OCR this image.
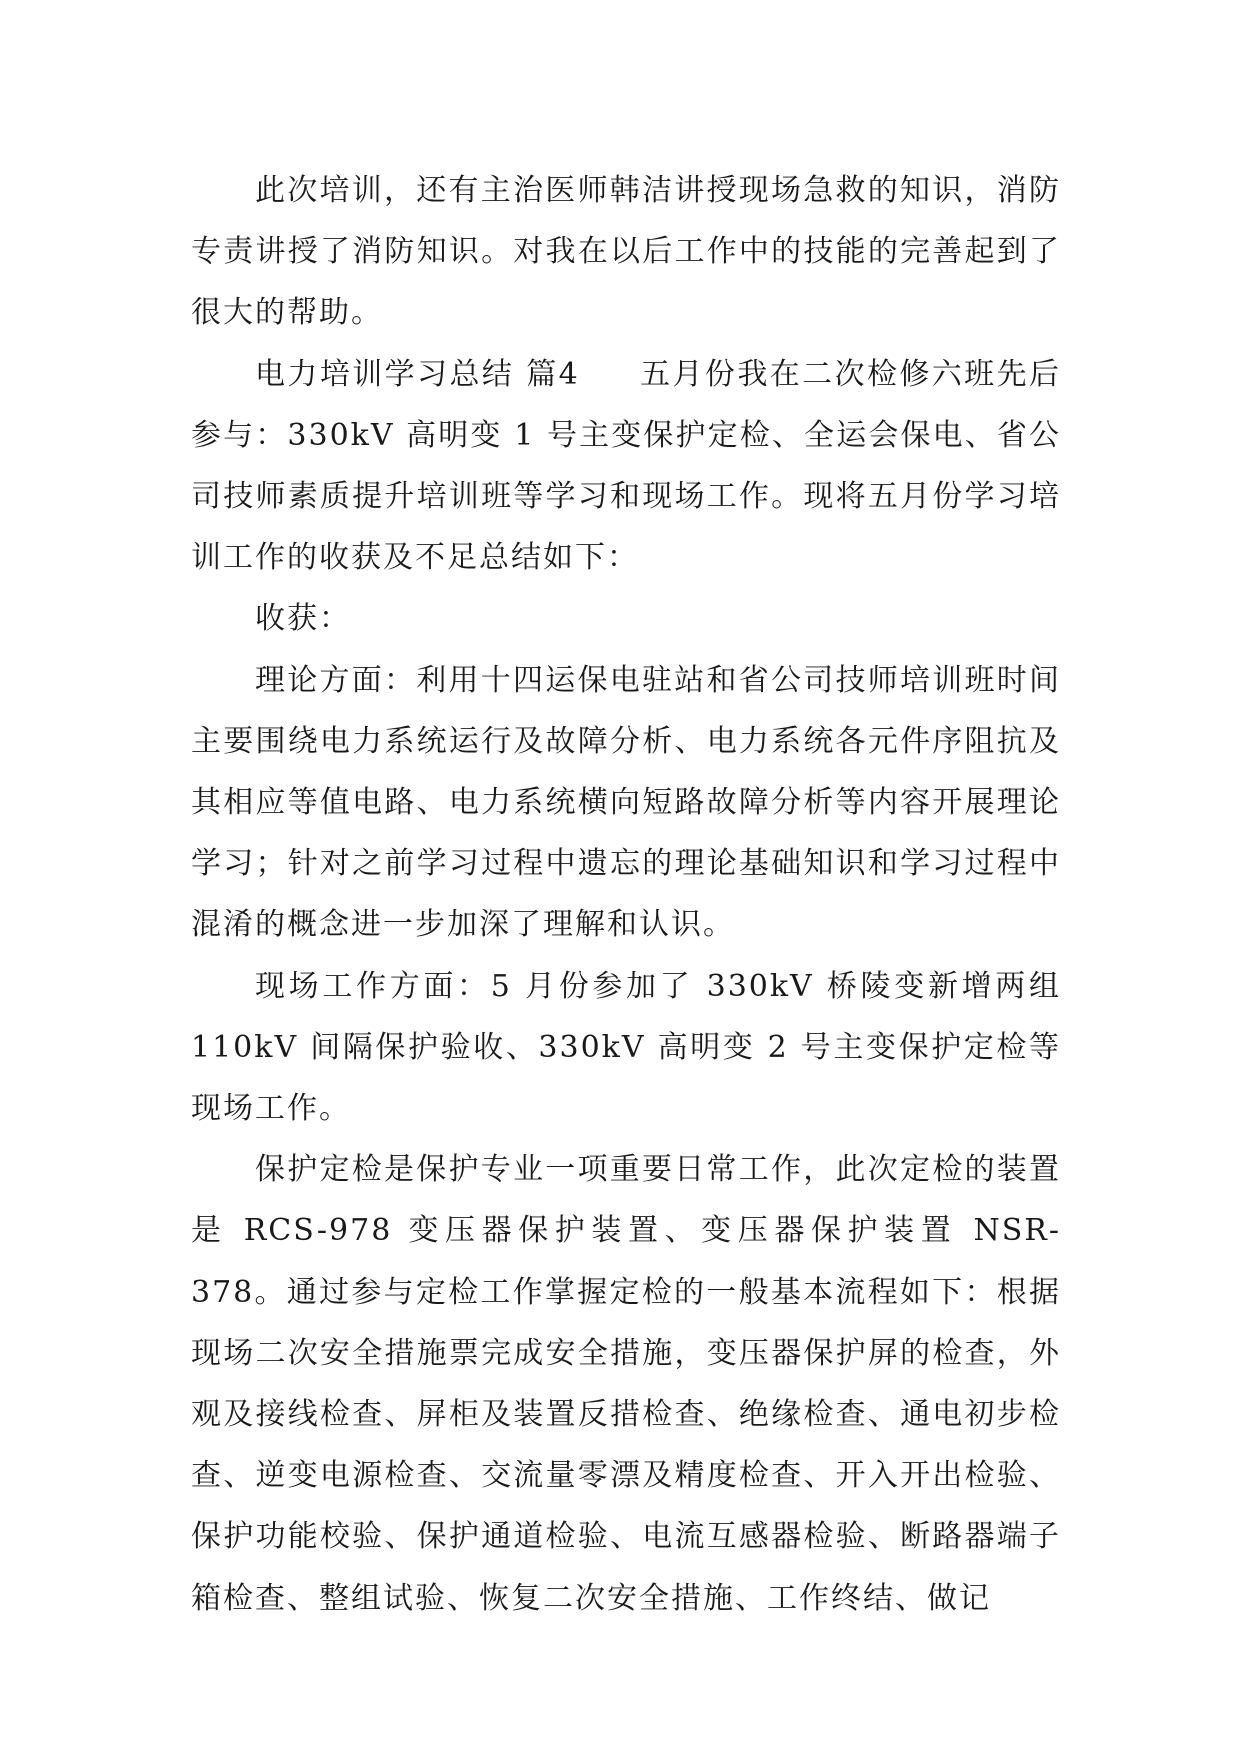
此次培训，还有主治医师韩洁讲授现场急救的知识，消防专责讲授了消防知识。对我在以后工作中的技能的完善起到了很大的帮助。

电力培训学习总结 篇4 五月份我在二次检修六班先后参与：330kV 高明变 1 号主变保护定检、全运会保电、省公司技师素质提升培训班等学习和现场工作。现将五月份学习培训工作的收获及不足总结如下：

收获：

理论方面：利用十四运保电驻站和省公司技师培训班时间主要围绕电力系统运行及故障分析、电力系统各元件序阻抗及其相应等值电路、电力系统横向短路故障分析等内容开展理论学习；针对之前学习过程中遗忘的理论基础知识和学习过程中混淆的概念进一步加深了理解和认识。

现场工作方面：5 月份参加了 330kV 桥陵变新增两组 110kV 间隔保护验收、330kV 高明变 2 号主变保护定检等现场工作。

保护定检是保护专业一项重要日常工作，此次定检的装置是 RCS-978 变压器保护装置、变压器保护装置 NSR-378。通过参与定检工作掌握定检的一般基本流程如下：根据现场二次安全措施票完成安全措施，变压器保护屏的检查，外观及接线检查、屏柜及装置反措检查、绝缘检查、通电初步检查、逆变电源检查、交流量零漂及精度检查、开入开出检验、保护功能校验、保护通道检验、电流互感器检验、断路器端子箱检查、整组试验、恢复二次安全措施、工作终结、做记
